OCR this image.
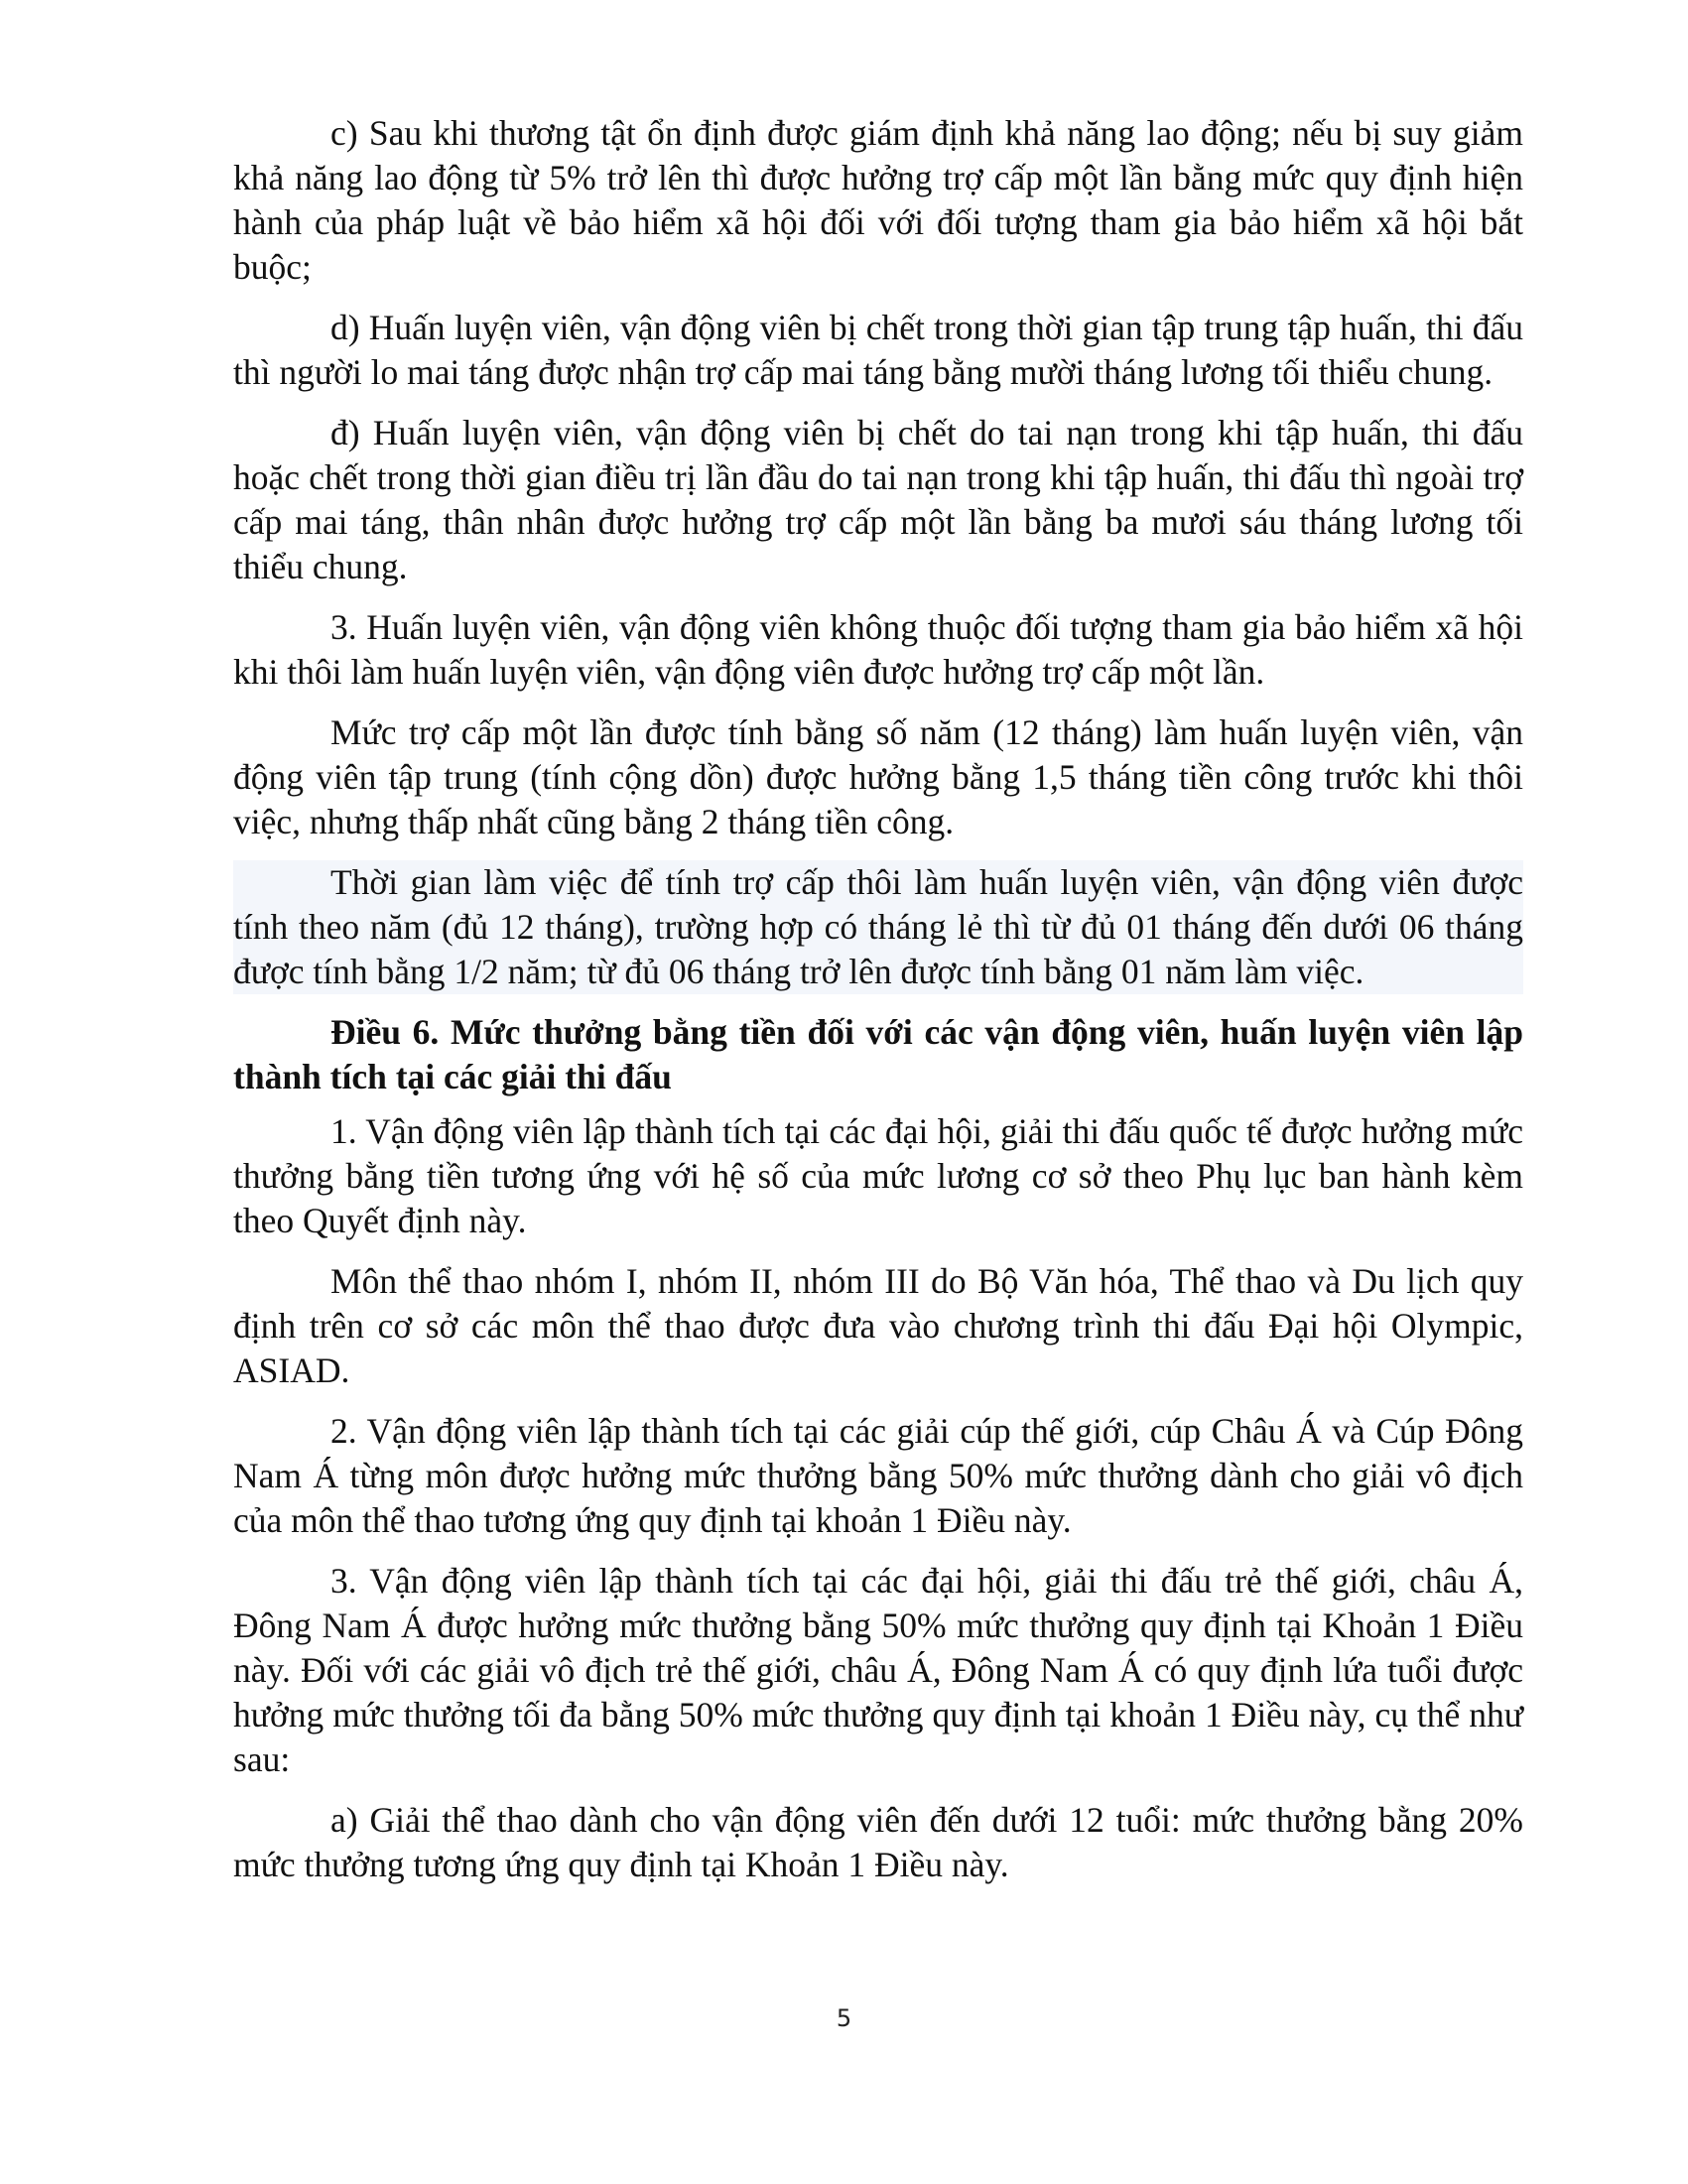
c) Sau khi thương tật ổn định được giám định khả năng lao động; nếu bị suy giảm khả năng lao động từ 5% trở lên thì được hưởng trợ cấp một lần bằng mức quy định hiện hành của pháp luật về bảo hiểm xã hội đối với đối tượng tham gia bảo hiểm xã hội bắt buộc;

d) Huấn luyện viên, vận động viên bị chết trong thời gian tập trung tập huấn, thi đấu thì người lo mai táng được nhận trợ cấp mai táng bằng mười tháng lương tối thiểu chung.

đ) Huấn luyện viên, vận động viên bị chết do tai nạn trong khi tập huấn, thi đấu hoặc chết trong thời gian điều trị lần đầu do tai nạn trong khi tập huấn, thi đấu thì ngoài trợ cấp mai táng, thân nhân được hưởng trợ cấp một lần bằng ba mươi sáu tháng lương tối thiểu chung.

3. Huấn luyện viên, vận động viên không thuộc đối tượng tham gia bảo hiểm xã hội khi thôi làm huấn luyện viên, vận động viên được hưởng trợ cấp một lần.

Mức trợ cấp một lần được tính bằng số năm (12 tháng) làm huấn luyện viên, vận động viên tập trung (tính cộng dồn) được hưởng bằng 1,5 tháng tiền công trước khi thôi việc, nhưng thấp nhất cũng bằng 2 tháng tiền công.

Thời gian làm việc để tính trợ cấp thôi làm huấn luyện viên, vận động viên được tính theo năm (đủ 12 tháng), trường hợp có tháng lẻ thì từ đủ 01 tháng đến dưới 06 tháng được tính bằng 1/2 năm; từ đủ 06 tháng trở lên được tính bằng 01 năm làm việc.

Điều 6. Mức thưởng bằng tiền đối với các vận động viên, huấn luyện viên lập thành tích tại các giải thi đấu

1. Vận động viên lập thành tích tại các đại hội, giải thi đấu quốc tế được hưởng mức thưởng bằng tiền tương ứng với hệ số của mức lương cơ sở theo Phụ lục ban hành kèm theo Quyết định này.

Môn thể thao nhóm I, nhóm II, nhóm III do Bộ Văn hóa, Thể thao và Du lịch quy định trên cơ sở các môn thể thao được đưa vào chương trình thi đấu Đại hội Olympic, ASIAD.

2. Vận động viên lập thành tích tại các giải cúp thế giới, cúp Châu Á và Cúp Đông Nam Á từng môn được hưởng mức thưởng bằng 50% mức thưởng dành cho giải vô địch của môn thể thao tương ứng quy định tại khoản 1 Điều này.

3. Vận động viên lập thành tích tại các đại hội, giải thi đấu trẻ thế giới, châu Á, Đông Nam Á được hưởng mức thưởng bằng 50% mức thưởng quy định tại Khoản 1 Điều này. Đối với các giải vô địch trẻ thế giới, châu Á, Đông Nam Á có quy định lứa tuổi được hưởng mức thưởng tối đa bằng 50% mức thưởng quy định tại khoản 1 Điều này, cụ thể như sau:

a) Giải thể thao dành cho vận động viên đến dưới 12 tuổi: mức thưởng bằng 20% mức thưởng tương ứng quy định tại Khoản 1 Điều này.

5
